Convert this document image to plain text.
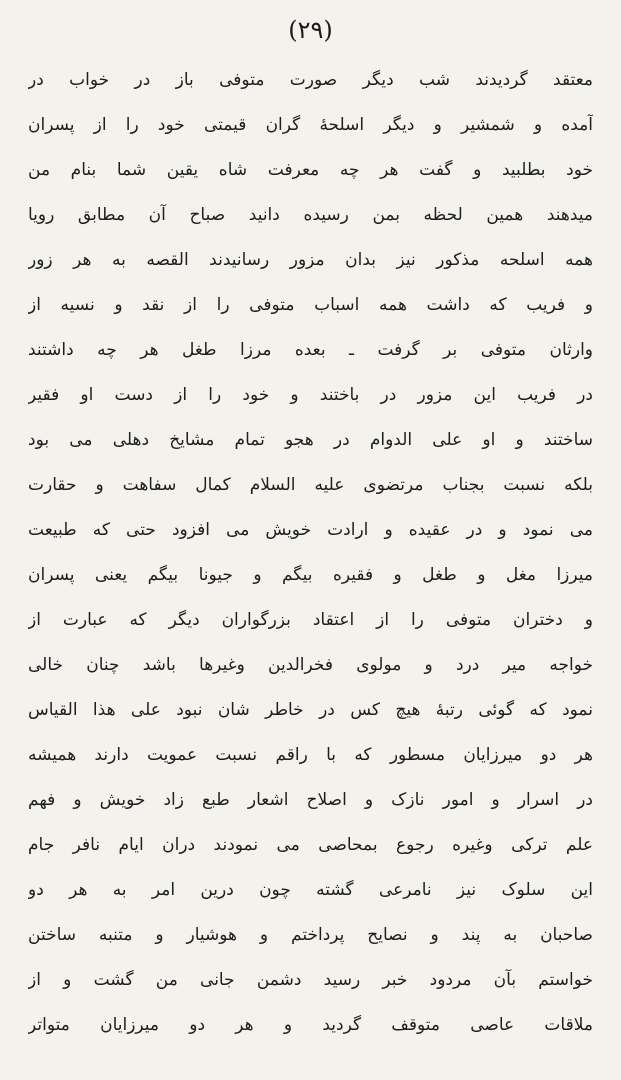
(۲۹)
معتقد گردیدند شب دیگر صورت متوفی باز در خواب در
آمده و شمشیر و دیگر اسلحهٔ گران قیمتی خود را از پسران
خود بطلبید و گفت هر چه معرفت شاه یقین شما بنام من
میدهند همین لحظه بمن رسیده دانید صباح آن مطابق رویا
همه اسلحه مذکور نیز بدان مزور رسانیدند القصه به هر زور
و فریب که داشت همه اسباب متوفی را از نقد و نسیه از
وارثان متوفی بر گرفت ـ بعده مرزا طغل هر چه داشتند
در فریب این مزور در باختند و خود را از دست او فقیر
ساختند و او علی الدوام در هجو تمام مشایخ دهلی می بود
بلکه نسبت بجناب مرتضوی علیه السلام کمال سفاهت و حقارت
می نمود و در عقیده و ارادت خویش می افزود حتی که طبیعت
میرزا مغل و طغل و فقیره بیگم و جیونا بیگم یعنی پسران
و دختران متوفی را از اعتقاد بزرگواران دیگر که عبارت از
خواجه میر درد و مولوی فخرالدین وغیرها باشد چنان خالی
نمود که گوئی رتبهٔ هیچ کس در خاطر شان نبود علی هذا القیاس
هر دو میرزایان مسطور که با راقم نسبت عمویت دارند همیشه
در اسرار و امور نازک و اصلاح اشعار طبع زاد خویش و فهم
علم ترکی وغیره رجوع بمحاصی می نمودند دران ایام نافر جام
این سلوک نیز نامرعی گشته چون درین امر به هر دو
صاحبان به پند و نصایح پرداختم و هوشیار و متنبه ساختن
خواستم بآن مردود خبر رسید دشمن جانی من گشت و از
ملاقات عاصی متوقف گردید و هر دو میرزایان متواتر
